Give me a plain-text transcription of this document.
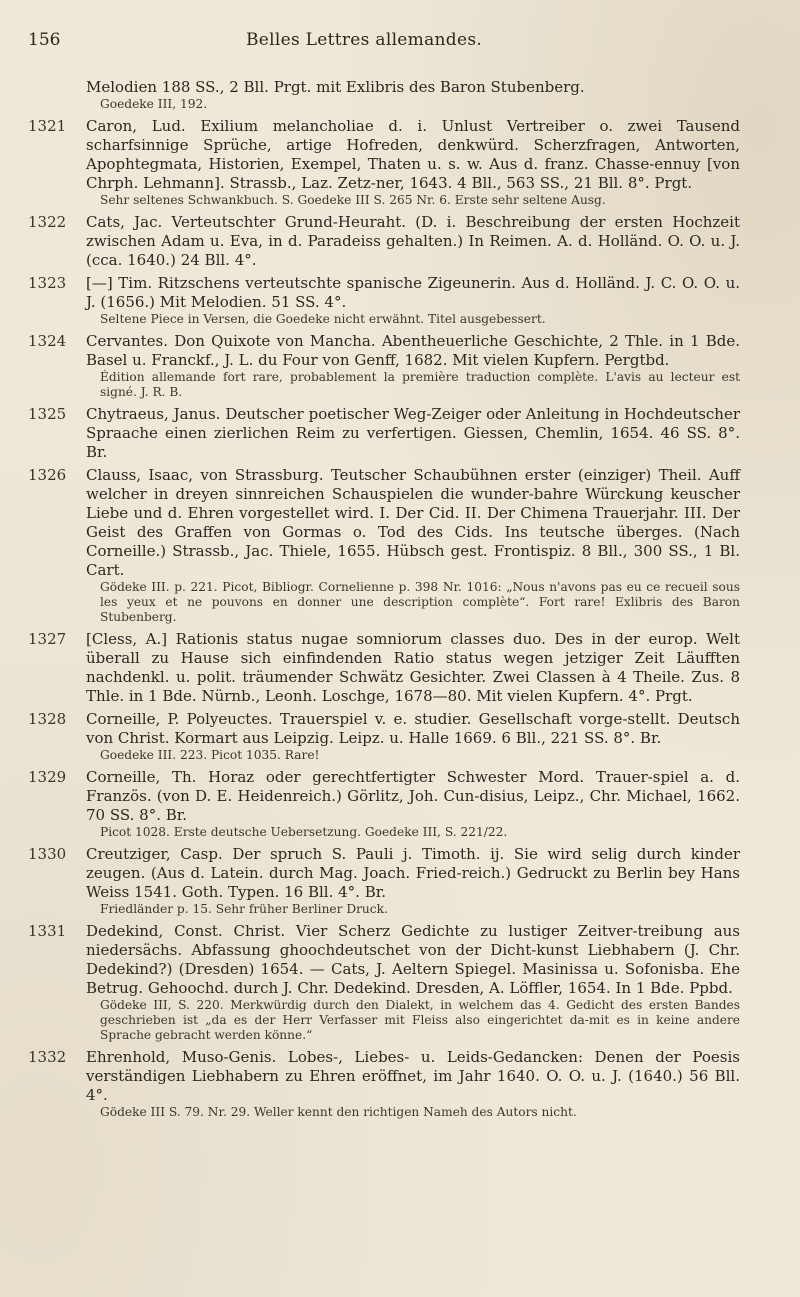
156	Belles Lettres allemandes.

Melodien 188 SS., 2 Bll. Prgt. mit Exlibris des Baron Stubenberg.

Goedeke III, 192.

1321	Caron, Lud. Exilium melancholiae d. i. Unlust Vertreiber o. zwei Tausend scharfsinnige Sprüche, artige Hofreden, denkwürd. Scherzfragen, Antworten, Apophtegmata, Historien, Exempel, Thaten u. s. w. Aus d. franz. Chasse-ennuy [von Chrph. Lehmann]. Strassb., Laz. Zetz-ner, 1643. 4 Bll., 563 SS., 21 Bll. 8°. Prgt.

Sehr seltenes Schwankbuch. S. Goedeke III S. 265 Nr. 6. Erste sehr seltene Ausg.

1322	Cats, Jac. Verteutschter Grund-Heuraht. (D. i. Beschreibung der ersten Hochzeit zwischen Adam u. Eva, in d. Paradeiss gehalten.) In Reimen. A. d. Holländ. O. O. u. J. (cca. 1640.) 24 Bll. 4°.

1323	[—] Tim. Ritzschens verteutschte spanische Zigeunerin. Aus d. Holländ. J. C. O. O. u. J. (1656.) Mit Melodien. 51 SS. 4°.

Seltene Piece in Versen, die Goedeke nicht erwähnt. Titel ausgebessert.

1324	Cervantes. Don Quixote von Mancha. Abentheuerliche Geschichte, 2 Thle. in 1 Bde. Basel u. Franckf., J. L. du Four von Genff, 1682. Mit vielen Kupfern. Pergtbd.

Édition allemande fort rare, probablement la première traduction complète. L'avis au lecteur est signé. J. R. B.

1325	Chytraeus, Janus. Deutscher poetischer Weg-Zeiger oder Anleitung in Hochdeutscher Spraache einen zierlichen Reim zu verfertigen. Giessen, Chemlin, 1654. 46 SS. 8°. Br.

1326	Clauss, Isaac, von Strassburg. Teutscher Schaubühnen erster (einziger) Theil. Auff welcher in dreyen sinnreichen Schauspielen die wunder-bahre Würckung keuscher Liebe und d. Ehren vorgestellet wird. I. Der Cid. II. Der Chimena Trauerjahr. III. Der Geist des Graffen von Gormas o. Tod des Cids. Ins teutsche überges. (Nach Corneille.) Strassb., Jac. Thiele, 1655. Hübsch gest. Frontispiz. 8 Bll., 300 SS., 1 Bl. Cart.

Gödeke III. p. 221. Picot, Bibliogr. Cornelienne p. 398 Nr. 1016: „Nous n'avons pas eu ce recueil sous les yeux et ne pouvons en donner une description complète“. Fort rare! Exlibris des Baron Stubenberg.

1327	[Cless, A.] Rationis status nugae somniorum classes duo. Des in der europ. Welt überall zu Hause sich einfindenden Ratio status wegen jetziger Zeit Läufften nachdenkl. u. polit. träumender Schwätz Gesichter. Zwei Classen à 4 Theile. Zus. 8 Thle. in 1 Bde. Nürnb., Leonh. Loschge, 1678—80. Mit vielen Kupfern. 4°. Prgt.

1328	Corneille, P. Polyeuctes. Trauerspiel v. e. studier. Gesellschaft vorge-stellt. Deutsch von Christ. Kormart aus Leipzig. Leipz. u. Halle 1669. 6 Bll., 221 SS. 8°. Br.

Goedeke III. 223. Picot 1035. Rare!

1329	Corneille, Th. Horaz oder gerechtfertigter Schwester Mord. Trauer-spiel a. d. Französ. (von D. E. Heidenreich.) Görlitz, Joh. Cun-disius, Leipz., Chr. Michael, 1662. 70 SS. 8°. Br.

Picot 1028. Erste deutsche Uebersetzung. Goedeke III, S. 221/22.

1330	Creutziger, Casp. Der spruch S. Pauli j. Timoth. ij. Sie wird selig durch kinder zeugen. (Aus d. Latein. durch Mag. Joach. Fried-reich.) Gedruckt zu Berlin bey Hans Weiss 1541. Goth. Typen. 16 Bll. 4°. Br.

Friedländer p. 15. Sehr früher Berliner Druck.

1331	Dedekind, Const. Christ. Vier Scherz Gedichte zu lustiger Zeitver-treibung aus niedersächs. Abfassung ghoochdeutschet von der Dicht-kunst Liebhabern (J. Chr. Dedekind?) (Dresden) 1654. — Cats, J. Aeltern Spiegel. Masinissa u. Sofonisba. Ehe Betrug. Gehoochd. durch J. Chr. Dedekind. Dresden, A. Löffler, 1654. In 1 Bde. Ppbd.

Gödeke III, S. 220. Merkwürdig durch den Dialekt, in welchem das 4. Gedicht des ersten Bandes geschrieben ist „da es der Herr Verfasser mit Fleiss also eingerichtet da-mit es in keine andere Sprache gebracht werden könne.“

1332	Ehrenhold, Muso-Genis. Lobes-, Liebes- u. Leids-Gedancken: Denen der Poesis verständigen Liebhabern zu Ehren eröffnet, im Jahr 1640. O. O. u. J. (1640.) 56 Bll. 4°.

Gödeke III S. 79. Nr. 29. Weller kennt den richtigen Nameh des Autors nicht.
